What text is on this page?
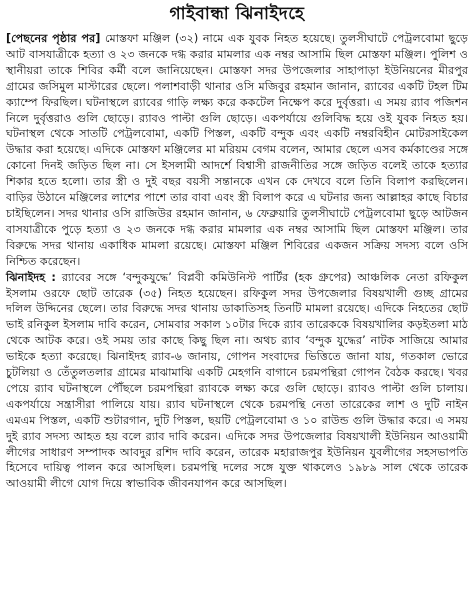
গাইবান্ধা ঝিনাইদহে

[পেছনের পৃষ্ঠার পর] মোস্তফা মঞ্জিল (৩২) নামে এক যুবক নিহত হয়েছে। তুলসীঘাটে পেট্রলবোমা ছুড়ে আট বাসযাত্রীকে হত্যা ও ২৩ জনকে দগ্ধ করার মামলার এক নম্বর আসামি ছিল মোস্তফা মঞ্জিল। পুলিশ ও স্থানীয়রা তাকে শিবির কর্মী বলে জানিয়েছেন। মোস্তফা সদর উপজেলার সাহাপাড়া ইউনিয়নের মীরপুর গ্রামের জসিমুল মাস্টারের ছেলে। পলাশবাড়ী থানার ওসি মজিবুর রহমান জানান, র‍্যাবের একটি টহল টিম ক্যাম্পে ফিরছিল। ঘটনাস্থলে র‍্যাবের গাড়ি লক্ষ্য করে ককটেল নিক্ষেপ করে দুর্বৃত্তরা। এ সময় র‍্যাব পজিশন নিলে দুর্বৃত্তরাও গুলি ছোড়ে। র‍্যাবও পাল্টা গুলি ছোড়ে। একপর্যায়ে গুলিবিদ্ধ হয়ে ওই যুবক নিহত হয়। ঘটনাস্থল থেকে সাতটি পেট্রলবোমা, একটি পিস্তল, একটি বন্দুক এবং একটি নম্বরবিহীন মোটরসাইকেল উদ্ধার করা হয়েছে। এদিকে মোস্তফা মঞ্জিলের মা মরিয়ম বেগম বলেন, আমার ছেলে এসব কর্মকাণ্ডের সঙ্গে কোনো দিনই জড়িত ছিল না। সে ইসলামী আদর্শে বিশ্বাসী রাজনীতির সঙ্গে জড়িত বলেই তাকে হত্যার শিকার হতে হলো। তার স্ত্রী ও দুই বছর বয়সী সন্তানকে এখন কে দেখবে বলে তিনি বিলাপ করছিলেন। বাড়ির উঠানে মঞ্জিলের লাশের পাশে তার বাবা এবং স্ত্রী বিলাপ করে এ ঘটনার জন্য আল্লাহর কাছে বিচার চাইছিলেন। সদর থানার ওসি রাজিউর রহমান জানান, ৬ ফেব্রুয়ারি তুলসীঘাটে পেট্রলবোমা ছুড়ে আটজন বাসযাত্রীকে পুড়ে হত্যা ও ২৩ জনকে দগ্ধ করার মামলার এক নম্বর আসামি ছিল মোস্তফা মঞ্জিল। তার বিরুদ্ধে সদর থানায় একাধিক মামলা রয়েছে। মোস্তফা মঞ্জিল শিবিরের একজন সক্রিয় সদস্য বলে ওসি নিশ্চিত করেছেন।

ঝিনাইদহ : র‍্যাবের সঙ্গে ‘বন্দুকযুদ্ধে’ বিপ্লবী কমিউনিস্ট পার্টির (হক গ্রুপের) আঞ্চলিক নেতা রফিকুল ইসলাম ওরফে ছোট তারেক (৩৫) নিহত হয়েছেন। রফিকুল সদর উপজেলার বিষয়খালী গুচ্ছ গ্রামের দলিল উদ্দিনের ছেলে। তার বিরুদ্ধে সদর থানায় ডাকাতিসহ তিনটি মামলা রয়েছে। এদিকে নিহতের ছোট ভাই রনিকুল ইসলাম দাবি করেন, সোমবার সকাল ১০টার দিকে র‍্যাব তারেককে বিষয়খালির কড়ইতলা মাঠ থেকে আটক করে। ওই সময় তার কাছে কিছু ছিল না। অথচ র‍্যাব ‘বন্দুক যুদ্ধের’ নাটক সাজিয়ে আমার ভাইকে হত্যা করেছে। ঝিনাইদহ র‍্যাব-৬ জানায়, গোপন সংবাদের ভিত্তিতে জানা যায়, গতকাল ভোরে চুটলিয়া ও তেঁতুলতলার গ্রামের মাঝামাঝি একটি মেহগনি বাগানে চরমপন্থিরা গোপন বৈঠক করছে। খবর পেয়ে র‍্যাব ঘটনাস্থলে পৌঁছলে চরমপন্থিরা র‍্যাবকে লক্ষ্য করে গুলি ছোড়ে। র‍্যাবও পাল্টা গুলি চালায়। একপর্যায়ে সন্ত্রাসীরা পালিয়ে যায়। র‍্যাব ঘটনাস্থলে থেকে চরমপন্থি নেতা তারেকের লাশ ও দুটি নাইন এমএম পিস্তল, একটি শুটারগান, দুটি পিস্তল, ছয়টি পেট্রলবোমা ও ১০ রাউন্ড গুলি উদ্ধার করে। এ সময় দুই র‍্যাব সদস্য আহত হয় বলে র‍্যাব দাবি করেন। এদিকে সদর উপজেলার বিষয়খালী ইউনিয়ন আওয়ামী লীগের সাধারণ সম্পাদক আবদুর রশিদ দাবি করেন, তারেক মহারাজপুর ইউনিয়ন যুবলীগের সহসভাপতি হিসেবে দায়িত্ব পালন করে আসছিল। চরমপন্থি দলের সঙ্গে যুক্ত থাকলেও ১৯৮৯ সাল থেকে তারেক আওয়ামী লীগে যোগ দিয়ে স্বাভাবিক জীবনযাপন করে আসছিল।
